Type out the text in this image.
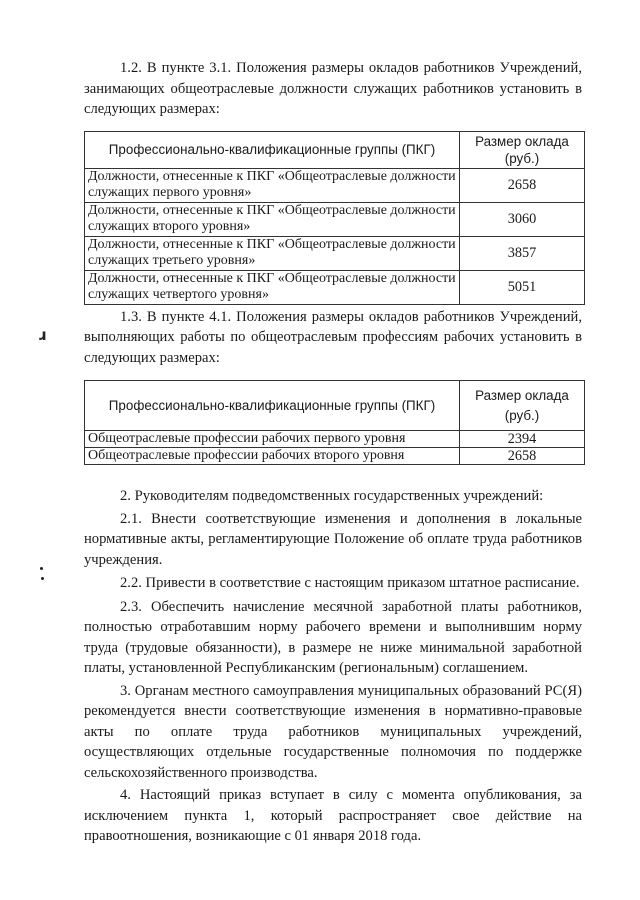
1.2. В пункте 3.1. Положения размеры окладов работников Учреждений, занимающих общеотраслевые должности служащих работников установить в следующих размерах:

Профессионально-квалификационные группы (ПКГ)	Размер оклада (руб.)
Должности, отнесенные к ПКГ «Общеотраслевые должности служащих первого уровня»	2658
Должности, отнесенные к ПКГ «Общеотраслевые должности служащих второго уровня»	3060
Должности, отнесенные к ПКГ «Общеотраслевые должности служащих третьего уровня»	3857
Должности, отнесенные к ПКГ «Общеотраслевые должности служащих четвертого уровня»	5051

1.3. В пункте 4.1. Положения размеры окладов работников Учреждений, выполняющих работы по общеотраслевым профессиям рабочих установить в следующих размерах:

Профессионально-квалификационные группы (ПКГ)	Размер оклада (руб.)
Общеотраслевые профессии рабочих первого уровня	2394
Общеотраслевые профессии рабочих второго уровня	2658

2. Руководителям подведомственных государственных учреждений:

2.1. Внести соответствующие изменения и дополнения в локальные нормативные акты, регламентирующие Положение об оплате труда работников учреждения.

2.2. Привести в соответствие с настоящим приказом штатное расписание.

2.3. Обеспечить начисление месячной заработной платы работников, полностью отработавшим норму рабочего времени и выполнившим норму труда (трудовые обязанности), в размере не ниже минимальной заработной платы, установленной Республиканским (региональным) соглашением.

3. Органам местного самоуправления муниципальных образований РС(Я) рекомендуется внести соответствующие изменения в нормативно-правовые акты по оплате труда работников муниципальных учреждений, осуществляющих отдельные государственные полномочия по поддержке сельскохозяйственного производства.

4. Настоящий приказ вступает в силу с момента опубликования, за исключением пункта 1, который распространяет свое действие на правоотношения, возникающие с 01 января 2018 года.

ɹ
